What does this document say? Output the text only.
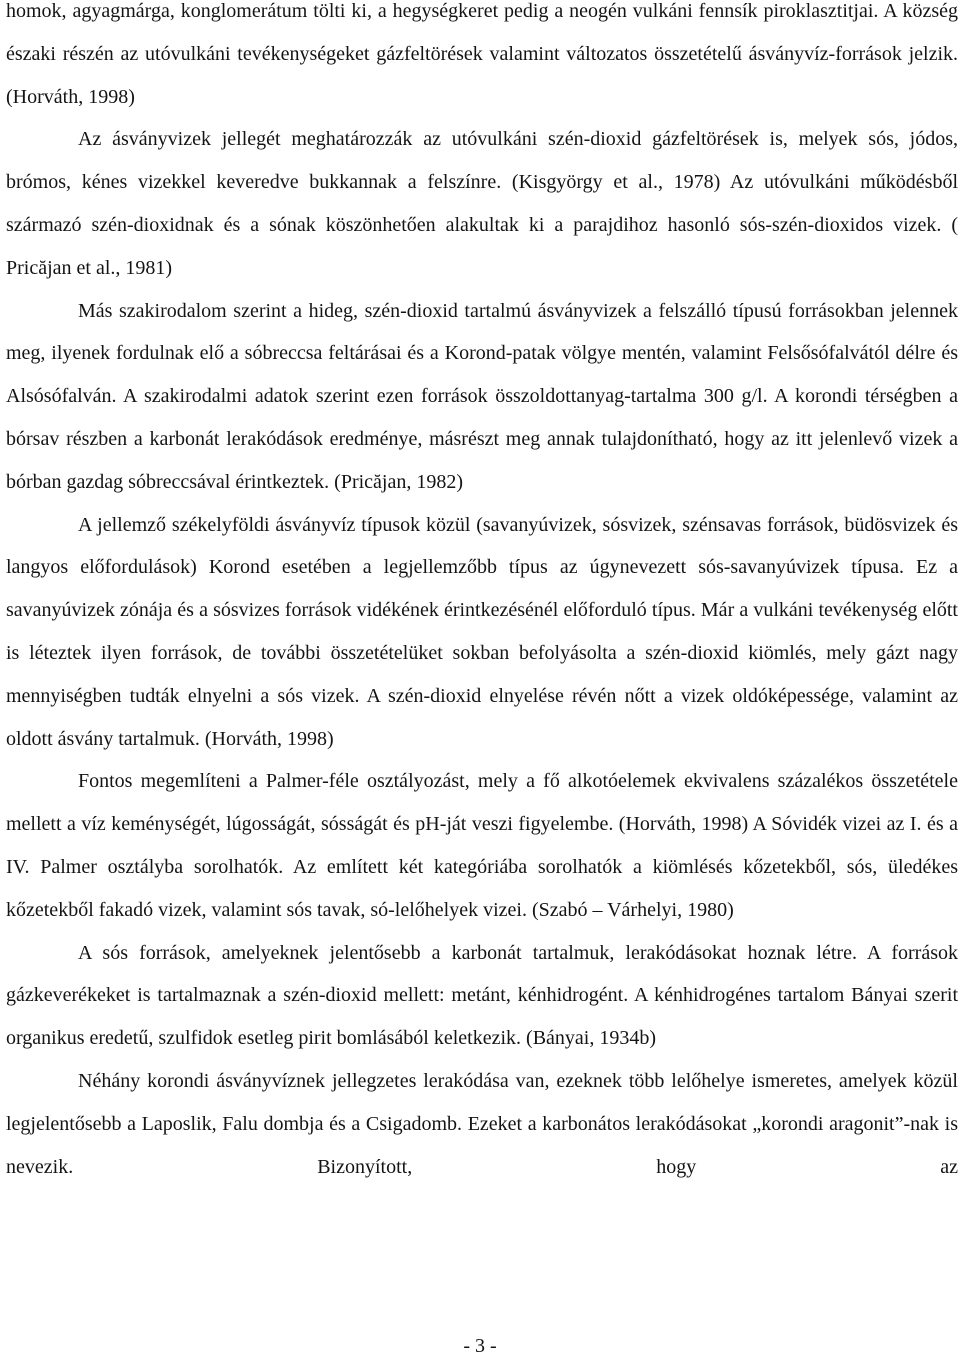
homok, agyagmárga, konglomerátum tölti ki, a hegységkeret pedig a neogén vulkáni fennsík piroklasztitjai. A község északi részén az utóvulkáni tevékenységeket gázfeltörések valamint változatos összetételű ásványvíz-források jelzik. (Horváth, 1998)

Az ásványvizek jellegét meghatározzák az utóvulkáni szén-dioxid gázfeltörések is, melyek sós, jódos, brómos, kénes vizekkel keveredve bukkannak a felszínre. (Kisgyörgy et al., 1978) Az utóvulkáni működésből származó szén-dioxidnak és a sónak köszönhetően alakultak ki a parajdihoz hasonló sós-szén-dioxidos vizek. ( Pricăjan et al., 1981)

Más szakirodalom szerint a hideg, szén-dioxid tartalmú ásványvizek a felszálló típusú forrásokban jelennek meg, ilyenek fordulnak elő a sóbreccsa feltárásai és a Korond-patak völgye mentén, valamint Felsősófalvától délre és Alsósófalván. A szakirodalmi adatok szerint ezen források összoldottanyag-tartalma 300 g/l. A korondi térségben a bórsav részben a karbonát lerakódások eredménye, másrészt meg annak tulajdonítható, hogy az itt jelenlevő vizek a bórban gazdag sóbreccsával érintkeztek. (Pricăjan, 1982)

A jellemző székelyföldi ásványvíz típusok közül (savanyúvizek, sósvizek, szénsavas források, büdösvizek és langyos előfordulások) Korond esetében a legjellemzőbb típus az úgynevezett sós-savanyúvizek típusa. Ez a savanyúvizek zónája és a sósvizes források vidékének érintkezésénél előforduló típus. Már a vulkáni tevékenység előtt is léteztek ilyen források, de további összetételüket sokban befolyásolta a szén-dioxid kiömlés, mely gázt nagy mennyiségben tudták elnyelni a sós vizek. A szén-dioxid elnyelése révén nőtt a vizek oldóképessége, valamint az oldott ásvány tartalmuk. (Horváth, 1998)

Fontos megemlíteni a Palmer-féle osztályozást, mely a fő alkotóelemek ekvivalens százalékos összetétele mellett a víz keménységét, lúgosságát, sósságát és pH-ját veszi figyelembe. (Horváth, 1998) A Sóvidék vizei az I. és a IV. Palmer osztályba sorolhatók. Az említett két kategóriába sorolhatók a kiömlésés kőzetekből, sós, üledékes kőzetekből fakadó vizek, valamint sós tavak, só-lelőhelyek vizei. (Szabó – Várhelyi, 1980)

A sós források, amelyeknek jelentősebb a karbonát tartalmuk, lerakódásokat hoznak létre. A források gázkeverékeket is tartalmaznak a szén-dioxid mellett: metánt, kénhidrogént. A kénhidrogénes tartalom Bányai szerit organikus eredetű, szulfidok esetleg pirit bomlásából keletkezik. (Bányai, 1934b)

Néhány korondi ásványvíznek jellegzetes lerakódása van, ezeknek több lelőhelye ismeretes, amelyek közül legjelentősebb a Laposlik, Falu dombja és a Csigadomb. Ezeket a karbonátos lerakódásokat „korondi aragonit”-nak is nevezik. Bizonyított, hogy az

- 3 -
